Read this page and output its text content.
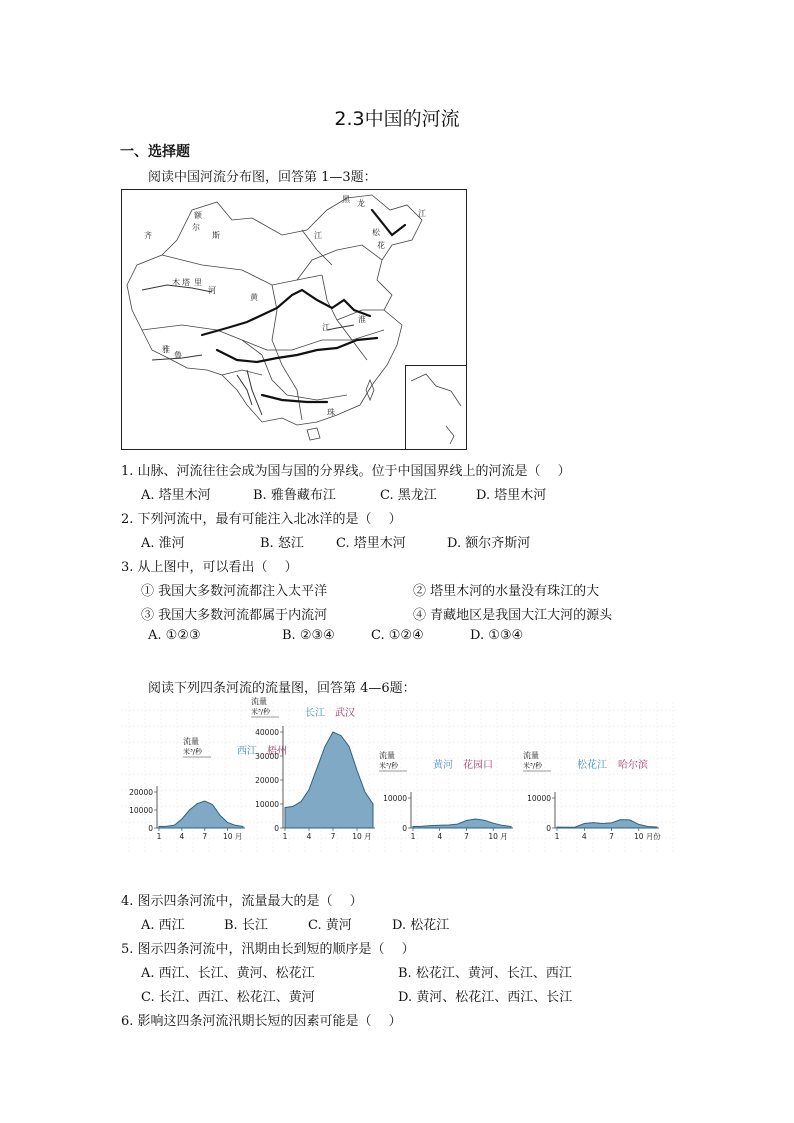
2.3中国的河流
一、选择题
阅读中国河流分布图，回答第 1—3题：
黑 龙
江
江	松
花
塔 里
木
河
额
尔
齐	斯
黄
江
雅
鲁
珠
淮
1. 山脉、河流往往会成为国与国的分界线。位于中国国界线上的河流是（　 ）
A. 塔里木河	B. 雅鲁藏布江	C. 黑龙江	D. 塔里木河
2. 下列河流中，最有可能注入北冰洋的是（　 ）
A. 淮河	B. 怒江 C. 塔里木河	D. 额尔齐斯河
3. 从上图中，可以看出（　 ）
① 我国大多数河流都注入太平洋	② 塔里木河的水量没有珠江的大
③ 我国大多数河流都属于内流河	④ 青藏地区是我国大江大河的源头
A. ①②③	B. ②③④	C. ①②④	D. ①③④
阅读下列四条河流的流量图，回答第 4—6题：
流量
米³/秒
20000
10000
0
1 4 7 10 月
西江 梧州
流量
米³/秒
40000
30000
20000
10000
0
1	4	7 10 月
长江 武汉
流量
米³/秒
10000
0
1	4	7	10 月
黄河 花园口
流量
米³/秒
10000
0
1	4	7	10 月份
松花江 哈尔滨
4. 图示四条河流中，流量最大的是（　 ）
A. 西江	B. 长江	C. 黄河	D. 松花江
5. 图示四条河流中，汛期由长到短的顺序是（　 ）
A. 西江、长江、黄河、松花江	B. 松花江、黄河、长江、西江
C. 长江、西江、松花江、黄河	D. 黄河、松花江、西江、长江
6. 影响这四条河流汛期长短的因素可能是（　 ）
